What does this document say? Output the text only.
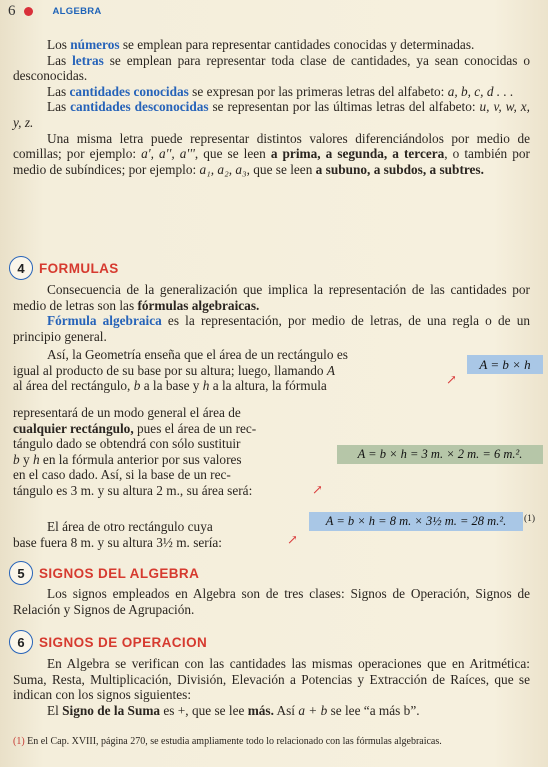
6	ALGEBRA

Los números se emplean para representar cantidades conocidas y determinadas.

Las letras se emplean para representar toda clase de cantidades, ya sean conocidas o desconocidas.

Las cantidades conocidas se expresan por las primeras letras del alfabeto: a, b, c, d . . .

Las cantidades desconocidas se representan por las últimas letras del alfabeto: u, v, w, x, y, z.

Una misma letra puede representar distintos valores diferenciándolos por medio de comillas; por ejemplo: a', a'', a''', que se leen a prima, a segunda, a tercera, o también por medio de subíndices; por ejemplo: a₁, a₂, a₃, que se leen a subuno, a subdos, a subtres.

4	FORMULAS

Consecuencia de la generalización que implica la representación de las cantidades por medio de letras son las fórmulas algebraicas.

Fórmula algebraica es la representación, por medio de letras, de una regla o de un principio general.

Así, la Geometría enseña que el área de un rectángulo es
igual al producto de su base por su altura; luego, llamando A
al área del rectángulo, b a la base y h a la altura, la fórmula	↗
A = b × h
representará de un modo general el área de
cualquier rectángulo, pues el área de un rec-
tángulo dado se obtendrá con sólo sustituir
b y h en la fórmula anterior por sus valores
en el caso dado. Así, si la base de un rec-
tángulo es 3 m. y su altura 2 m., su área será:	↗
A = b × h = 3 m. × 2 m. = 6 m.².
El área de otro rectángulo cuya
base fuera 8 m. y su altura 3½ m. sería:	↗
A = b × h = 8 m. × 3½ m. = 28 m.².	(1)
5	SIGNOS DEL ALGEBRA

Los signos empleados en Algebra son de tres clases: Signos de Operación, Signos de Relación y Signos de Agrupación.

6	SIGNOS DE OPERACION

En Algebra se verifican con las cantidades las mismas operaciones que en Aritmética: Suma, Resta, Multiplicación, División, Elevación a Potencias y Extracción de Raíces, que se indican con los signos siguientes:

El Signo de la Suma es +, que se lee más. Así a + b se lee “a más b”.

(1) En el Cap. XVIII, página 270, se estudia ampliamente todo lo relacionado con las fórmulas algebraicas.
